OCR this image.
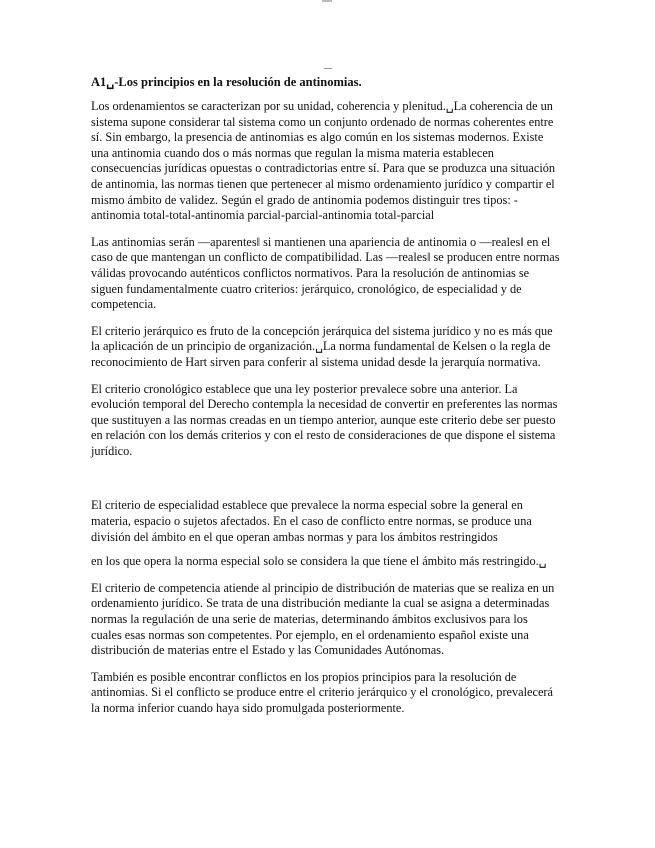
A1␣-Los principios en la resolución de antinomias.

Los ordenamientos se caracterizan por su unidad, coherencia y plenitud.␣La coherencia de un sistema supone considerar tal sistema como un conjunto ordenado de normas coherentes entre sí. Sin embargo, la presencia de antinomias es algo común en los sistemas modernos. Existe una antinomia cuando dos o más normas que regulan la misma materia establecen consecuencias jurídicas opuestas o contradictorias entre sí. Para que se produzca una situación de antinomia, las normas tienen que pertenecer al mismo ordenamiento jurídico y compartir el mismo ámbito de validez. Según el grado de antinomia podemos distinguir tres tipos: -antinomia total-total-antinomia parcial-parcial-antinomia total-parcial

Las antinomias serán —aparentes‖ si mantienen una apariencia de antinomia o —reales‖ en el caso de que mantengan un conflicto de compatibilidad. Las —reales‖ se producen entre normas válidas provocando auténticos conflictos normativos. Para la resolución de antinomias se siguen fundamentalmente cuatro criterios: jerárquico, cronológico, de especialidad y de competencia.

El criterio jerárquico es fruto de la concepción jerárquica del sistema jurídico y no es más que la aplicación de un principio de organización.␣La norma fundamental de Kelsen o la regla de reconocimiento de Hart sirven para conferir al sistema unidad desde la jerarquía normativa.

El criterio cronológico establece que una ley posterior prevalece sobre una anterior. La evolución temporal del Derecho contempla la necesidad de convertir en preferentes las normas que sustituyen a las normas creadas en un tiempo anterior, aunque este criterio debe ser puesto en relación con los demás criterios y con el resto de consideraciones de que dispone el sistema jurídico.

El criterio de especialidad establece que prevalece la norma especial sobre la general en materia, espacio o sujetos afectados. En el caso de conflicto entre normas, se produce una división del ámbito en el que operan ambas normas y para los ámbitos restringidos

en los que opera la norma especial solo se considera la que tiene el ámbito más restringido.␣

El criterio de competencia atiende al principio de distribución de materias que se realiza en un ordenamiento jurídico. Se trata de una distribución mediante la cual se asigna a determinadas normas la regulación de una serie de materias, determinando ámbitos exclusivos para los cuales esas normas son competentes. Por ejemplo, en el ordenamiento español existe una distribución de materias entre el Estado y las Comunidades Autónomas.

También es posible encontrar conflictos en los propios principios para la resolución de antinomias. Si el conflicto se produce entre el criterio jerárquico y el cronológico, prevalecerá la norma inferior cuando haya sido promulgada posteriormente.
